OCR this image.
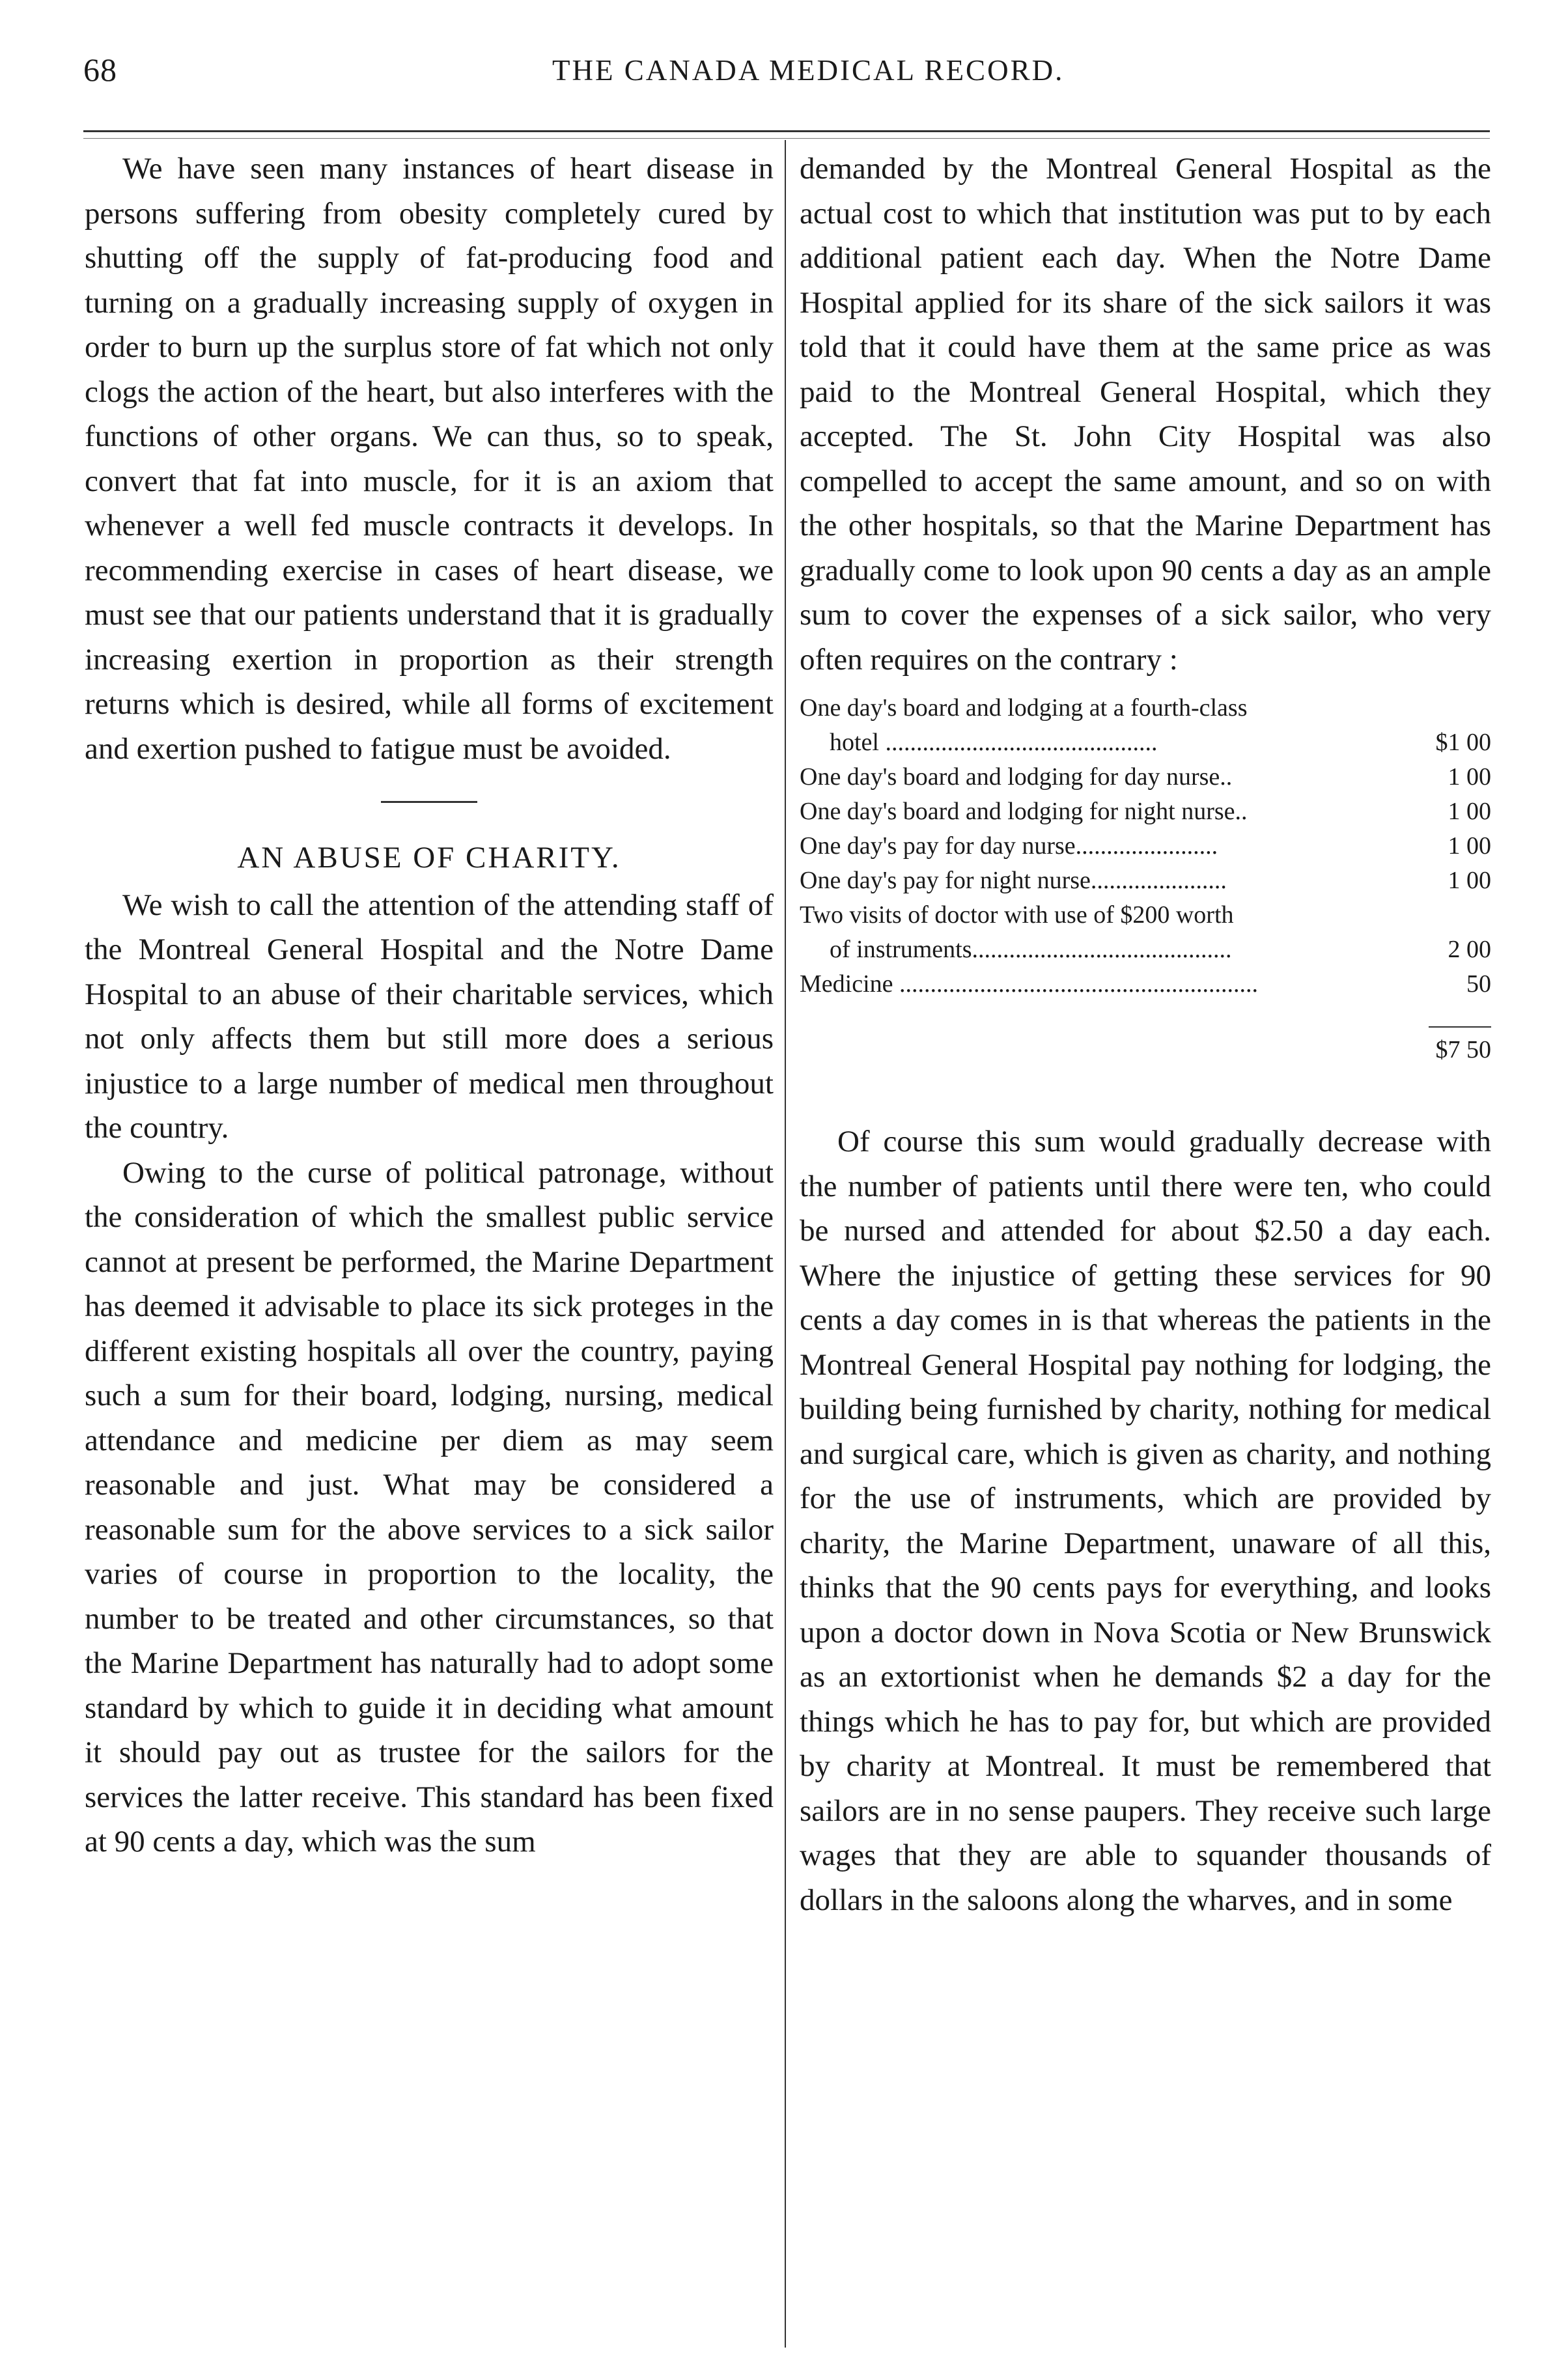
68	THE CANADA MEDICAL RECORD.

We have seen many instances of heart disease in persons suffering from obesity completely cured by shutting off the supply of fat-producing food and turning on a gradually increasing supply of oxygen in order to burn up the surplus store of fat which not only clogs the action of the heart, but also interferes with the functions of other organs. We can thus, so to speak, convert that fat into muscle, for it is an axiom that whenever a well fed muscle contracts it develops. In recommending exercise in cases of heart disease, we must see that our patients understand that it is gradually increasing exertion in proportion as their strength returns which is desired, while all forms of excitement and exertion pushed to fatigue must be avoided.

AN ABUSE OF CHARITY.

We wish to call the attention of the attending staff of the Montreal General Hospital and the Notre Dame Hospital to an abuse of their charitable services, which not only affects them but still more does a serious injustice to a large number of medical men throughout the country.

Owing to the curse of political patronage, without the consideration of which the smallest public service cannot at present be performed, the Marine Department has deemed it advisable to place its sick proteges in the different existing hospitals all over the country, paying such a sum for their board, lodging, nursing, medical attendance and medicine per diem as may seem reasonable and just. What may be considered a reasonable sum for the above services to a sick sailor varies of course in proportion to the locality, the number to be treated and other circumstances, so that the Marine Department has naturally had to adopt some standard by which to guide it in deciding what amount it should pay out as trustee for the sailors for the services the latter receive. This standard has been fixed at 90 cents a day, which was the sum

demanded by the Montreal General Hospital as the actual cost to which that institution was put to by each additional patient each day. When the Notre Dame Hospital applied for its share of the sick sailors it was told that it could have them at the same price as was paid to the Montreal General Hospital, which they accepted. The St. John City Hospital was also compelled to accept the same amount, and so on with the other hospitals, so that the Marine Department has gradually come to look upon 90 cents a day as an ample sum to cover the expenses of a sick sailor, who very often requires on the contrary :

One day's board and lodging at a fourth-class
hotel ............................................	$1 00
One day's board and lodging for day nurse..	1 00
One day's board and lodging for night nurse..	1 00
One day's pay for day nurse.......................	1 00
One day's pay for night nurse......................	1 00
Two visits of doctor with use of $200 worth
of instruments..........................................	2 00
Medicine ..........................................................	50
$7 50

Of course this sum would gradually decrease with the number of patients until there were ten, who could be nursed and attended for about $2.50 a day each. Where the injustice of getting these services for 90 cents a day comes in is that whereas the patients in the Montreal General Hospital pay nothing for lodging, the building being furnished by charity, nothing for medical and surgical care, which is given as charity, and nothing for the use of instruments, which are provided by charity, the Marine Department, unaware of all this, thinks that the 90 cents pays for everything, and looks upon a doctor down in Nova Scotia or New Brunswick as an extortionist when he demands $2 a day for the things which he has to pay for, but which are provided by charity at Montreal. It must be remembered that sailors are in no sense paupers. They receive such large wages that they are able to squander thousands of dollars in the saloons along the wharves, and in some
